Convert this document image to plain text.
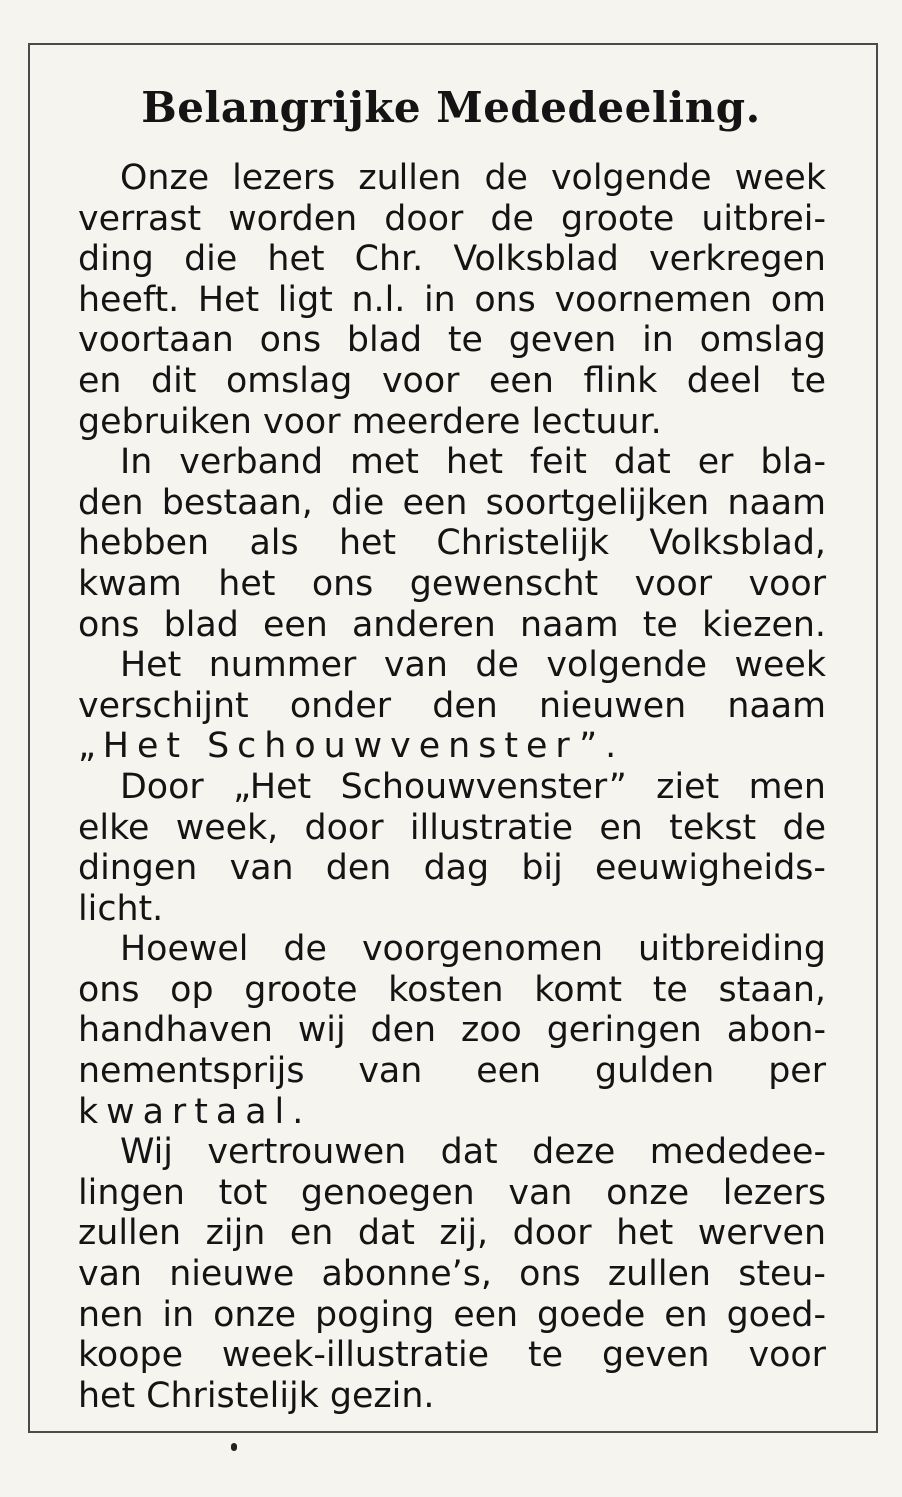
Belangrijke Mededeeling.
Onze lezers zullen de volgende week
verrast worden door de groote uitbrei-
ding die het Chr. Volksblad verkregen
heeft. Het ligt n.l. in ons voornemen om
voortaan ons blad te geven in omslag
en dit omslag voor een flink deel te
gebruiken voor meerdere lectuur.
In verband met het feit dat er bla-
den bestaan, die een soortgelijken naam
hebben als het Christelijk Volksblad,
kwam het ons gewenscht voor voor
ons blad een anderen naam te kiezen.
Het nummer van de volgende week
verschijnt onder den nieuwen naam
„Het Schouwvenster”.
Door „Het Schouwvenster” ziet men
elke week, door illustratie en tekst de
dingen van den dag bij eeuwigheids-
licht.
Hoewel de voorgenomen uitbreiding
ons op groote kosten komt te staan,
handhaven wij den zoo geringen abon-
nementsprijs van een gulden per
kwartaal.
Wij vertrouwen dat deze mededee-
lingen tot genoegen van onze lezers
zullen zijn en dat zij, door het werven
van nieuwe abonne’s, ons zullen steu-
nen in onze poging een goede en goed-
koope week-illustratie te geven voor
het Christelijk gezin.
